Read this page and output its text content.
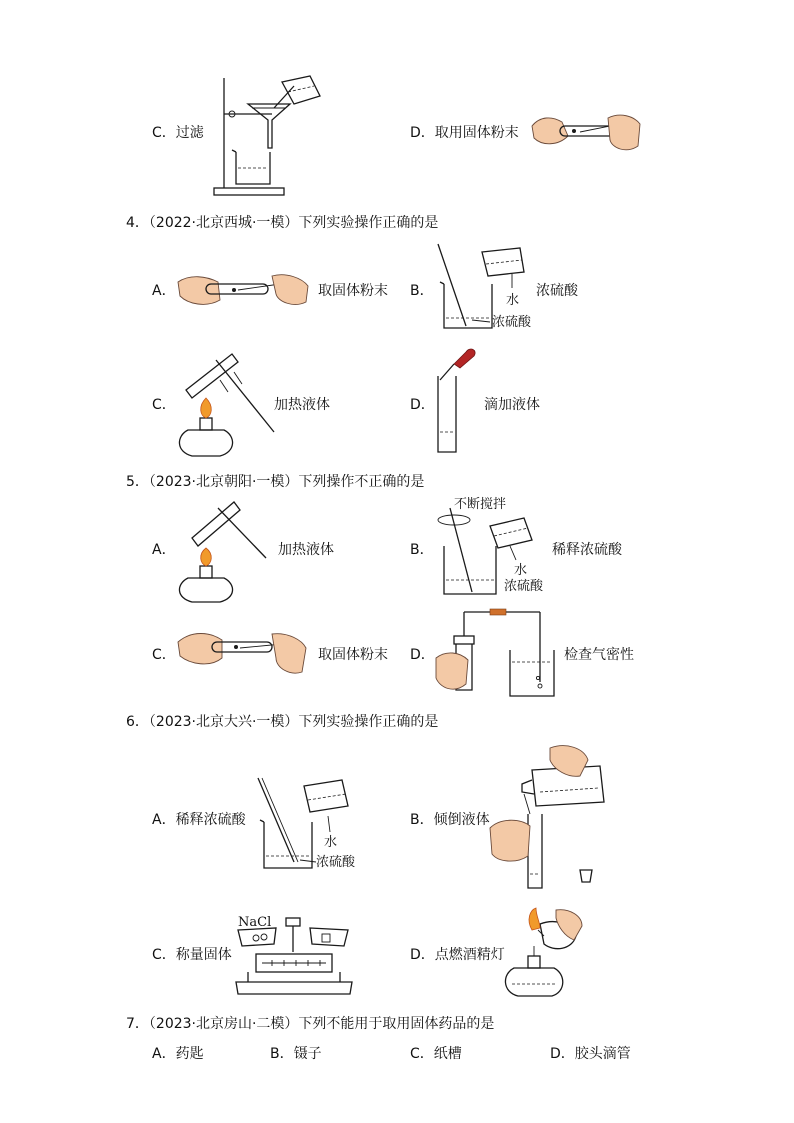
C．过滤	D．取用固体粉末
4．（2022·北京西城·一模）下列实验操作正确的是
A．	取固体粉末 B．
水
浓硫酸
浓硫酸
C．	加热液体	D．	滴加液体
5．（2023·北京朝阳·一模）下列操作不正确的是
A．	加热液体	B．
不断搅拌
水
浓硫酸
稀释浓硫酸
C．	取固体粉末 D．	检查气密性
6．（2023·北京大兴·一模）下列实验操作正确的是
A．稀释浓硫酸
水
浓硫酸
B．倾倒液体
C．称量固体
NaCl
D．点燃酒精灯
7．（2023·北京房山·二模）下列不能用于取用固体药品的是
A．药匙	B．镊子	C．纸槽	D．胶头滴管
